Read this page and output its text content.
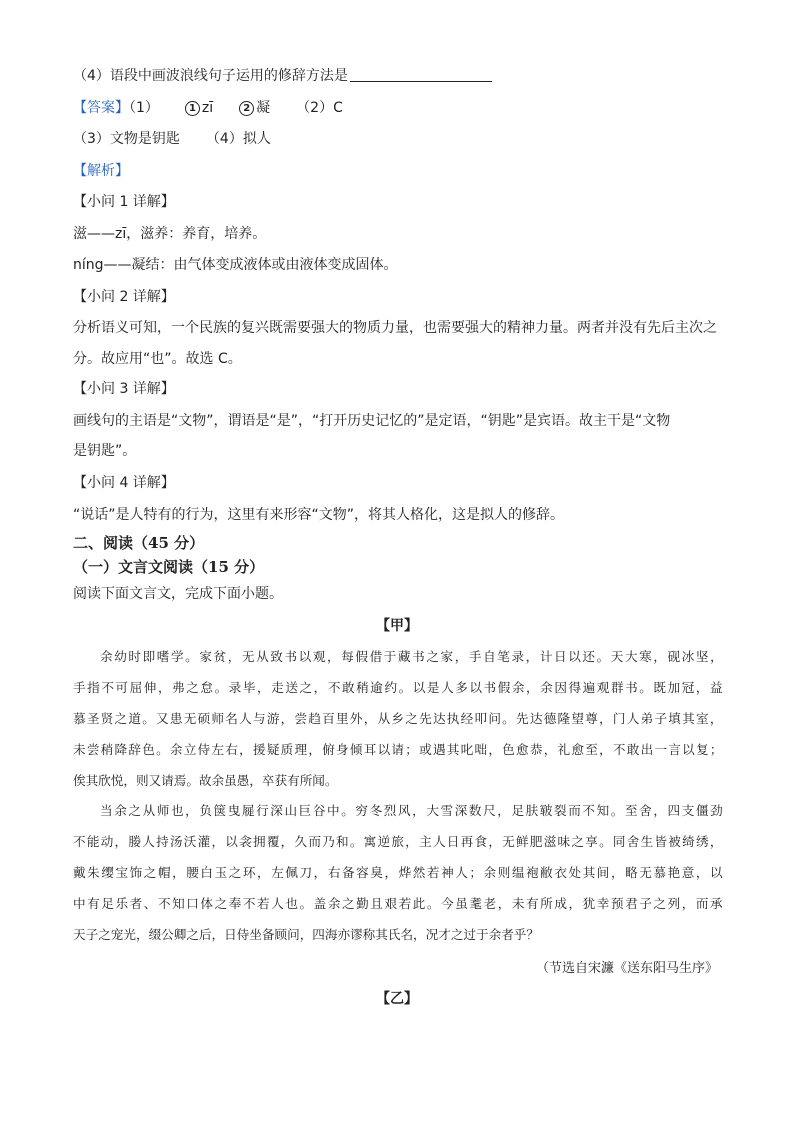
（4）语段中画波浪线句子运用的修辞方法是
【答案】（1）	1 zī	2 凝 （2）C
（3）文物是钥匙 （4）拟人
【解析】
【小问 1 详解】
滋——zī，滋养：养育，培养。
níng——凝结：由气体变成液体或由液体变成固体。
【小问 2 详解】
分析语义可知，一个民族的复兴既需要强大的物质力量，也需要强大的精神力量。两者并没有先后主次之
分。故应用“也”。故选 C。
【小问 3 详解】
画线句的主语是“文物”，谓语是“是”，“打开历史记忆的”是定语，“钥匙”是宾语。故主干是“文物
是钥匙”。
【小问 4 详解】
“说话”是人特有的行为，这里有来形容“文物”，将其人格化，这是拟人的修辞。
二、阅读（45 分）
（一）文言文阅读（15 分）
阅读下面文言文，完成下面小题。
【甲】
余 幼 时 即 嗜 学 。 家 贫 ， 无 从 致 书 以 观 ， 每 假 借 于 藏 书 之 家 ， 手 自 笔 录 ， 计 日 以 还 。 天 大 寒 ， 砚 冰 坚 ，
手 指 不 可 屈 伸 ， 弗 之 怠 。 录 毕 ， 走 送 之 ， 不 敢 稍 逾 约 。 以 是 人 多 以 书 假 余 ， 余 因 得 遍 观 群 书 。 既 加 冠 ， 益
慕 圣 贤 之 道 。 又 患 无 硕 师 名 人 与 游 ， 尝 趋 百 里 外 ， 从 乡 之 先 达 执 经 叩 问 。 先 达 德 隆 望 尊 ， 门 人 弟 子 填 其 室 ，
未 尝 稍 降 辞 色 。 余 立 侍 左 右 ， 援 疑 质 理 ， 俯 身 倾 耳 以 请 ； 或 遇 其 叱 咄 ， 色 愈 恭 ， 礼 愈 至 ， 不 敢 出 一 言 以 复 ；
俟其欣悦，则又请焉。故余虽愚，卒获有所闻。
当 余 之 从 师 也 ， 负 箧 曳 屣 行 深 山 巨 谷 中 。 穷 冬 烈 风 ， 大 雪 深 数 尺 ， 足 肤 皲 裂 而 不 知 。 至 舍 ， 四 支 僵 劲
不 能 动 ， 媵 人 持 汤 沃 灌 ， 以 衾 拥 覆 ， 久 而 乃 和 。 寓 逆 旅 ， 主 人 日 再 食 ， 无 鲜 肥 滋 味 之 享 。 同 舍 生 皆 被 绮 绣 ，
戴 朱 缨 宝 饰 之 帽 ， 腰 白 玉 之 环 ， 左 佩 刀 ， 右 备 容 臭 ， 烨 然 若 神 人 ； 余 则 缊 袍 敝 衣 处 其 间 ， 略 无 慕 艳 意 ， 以
中 有 足 乐 者 、 不 知 口 体 之 奉 不 若 人 也 。 盖 余 之 勤 且 艰 若 此 。 今 虽 耄 老 ， 未 有 所 成 ， 犹 幸 预 君 子 之 列 ， 而 承
天子之宠光，缀公卿之后，日侍坐备顾问，四海亦谬称其氏名，况才之过于余者乎？
（节选自宋濂《送东阳马生序》
【乙】
